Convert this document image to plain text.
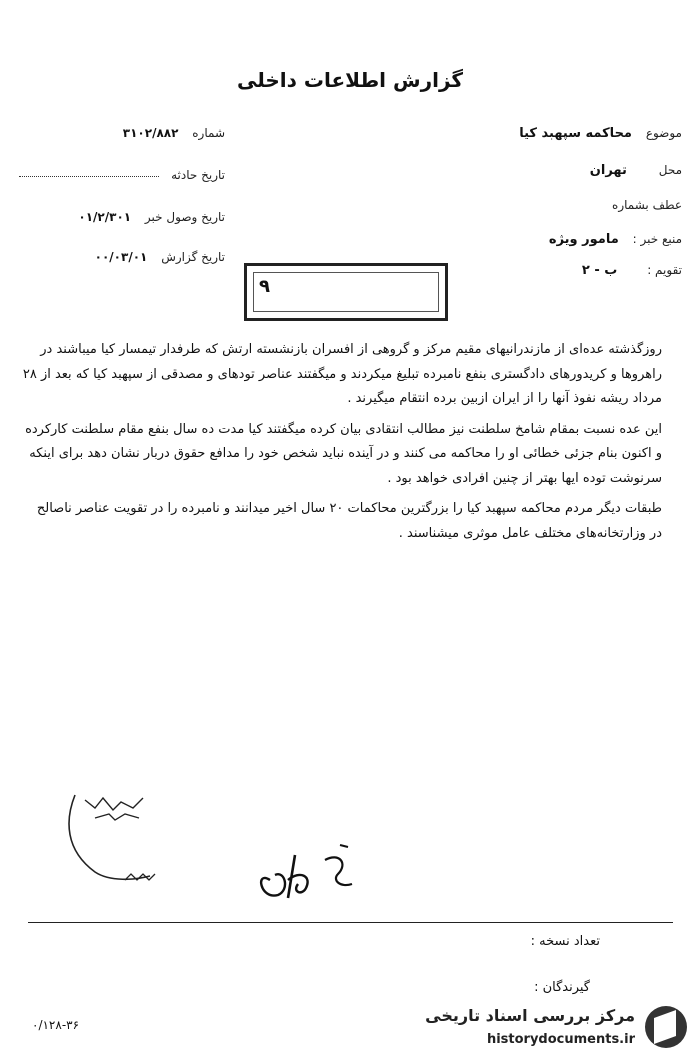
گزارش اطلاعات داخلی
شماره ۳۱۰۲/۸۸۲
تاریخ حادثه
تاریخ وصول خبر ۰۱/۲/۳۰۱
تاریخ گزارش ۰۰/۰۳/۰۱
موضوع محاکمه سپهبد کیا
محل تهران
عطف بشماره
منبع خبر : مامور ویژه
تقویم : ب - ۲
۹

روزگذشته عده‌ای از مازندرانیهای مقیم مرکز و گروهی از افسران بازنشسته ارتش که طرفدار تیمسار کیا میباشند در راهروها و کریدورهای دادگستری بنفع نامبرده تبلیغ میکردند و میگفتند عناصر تودهای و مصدقی از سپهبد کیا که بعد از ۲۸ مرداد ریشه نفوذ آنها را از ایران ازبین برده انتقام میگیرند .

این عده نسبت بمقام شامخ سلطنت نیز مطالب انتقادی بیان کرده میگفتند کیا مدت ده سال بنفع مقام سلطنت کارکرده و اکنون بنام جزئی خطائی او را محاکمه می کنند و در آینده نباید شخص خود را مدافع حقوق دربار نشان دهد برای اینکه سرنوشت توده ایها بهتر از چنین افرادی خواهد بود .

طبقات دیگر مردم محاکمه سپهبد کیا را بزرگترین محاکمات ۲۰ سال اخیر میدانند و نامبرده را در تقویت عناصر ناصالح در وزارتخانه‌های مختلف عامل موثری میشناسند .

تعداد نسخه :
گیرندگان :
۰/۱۲۸-۳۶	مرکز بررسی اسناد تاریخی
historydocuments.ir
